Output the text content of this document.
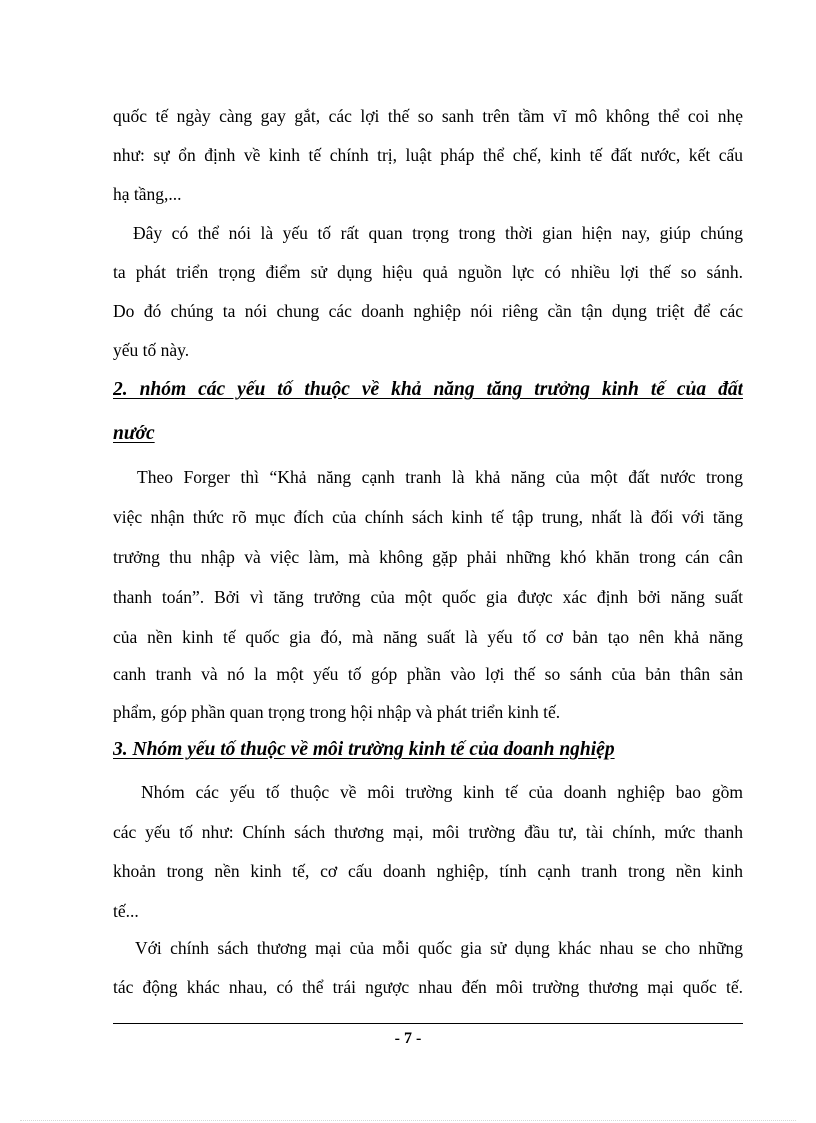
quốc tế ngày càng gay gắt, các lợi thế so sanh trên tầm vĩ mô không thể coi nhẹ
như: sự ổn định về kinh tế chính trị, luật pháp thể chế, kinh tế đất nước, kết cấu
hạ tầng,...
Đây có thể nói là yếu tố rất quan trọng trong thời gian hiện nay, giúp chúng
ta phát triển trọng điểm sử dụng hiệu quả nguồn lực có nhiều lợi thế so sánh.
Do đó chúng ta nói chung các doanh nghiệp nói riêng cần tận dụng triệt để các
yếu tố này.
2. nhóm các yếu tố thuộc về khả năng tăng trưởng kinh tế của đất
nước
Theo Forger thì “Khả năng cạnh tranh là khả năng của một đất nước trong
việc nhận thức rõ mục đích của chính sách kinh tế tập trung, nhất là đối với tăng
trưởng thu nhập và việc làm, mà không gặp phải những khó khăn trong cán cân
thanh toán”. Bởi vì tăng trưởng của một quốc gia được xác định bởi năng suất
của nền kinh tế quốc gia đó, mà năng suất là yếu tố cơ bản tạo nên khả năng
canh tranh và nó la một yếu tố góp phần vào lợi thế so sánh của bản thân sản
phẩm, góp phần quan trọng trong hội nhập và phát triển kinh tế.
3. Nhóm yếu tố thuộc về môi trường kinh tế của doanh nghiệp
Nhóm các yếu tố thuộc về môi trường kinh tế của doanh nghiệp bao gồm
các yếu tố như: Chính sách thương mại, môi trường đầu tư, tài chính, mức thanh
khoản trong nền kinh tế, cơ cấu doanh nghiệp, tính cạnh tranh trong nền kinh
tế...
Với chính sách thương mại của mỗi quốc gia sử dụng khác nhau se cho những
tác động khác nhau, có thể trái ngược nhau đến môi trường thương mại quốc tế.
- 7 -
